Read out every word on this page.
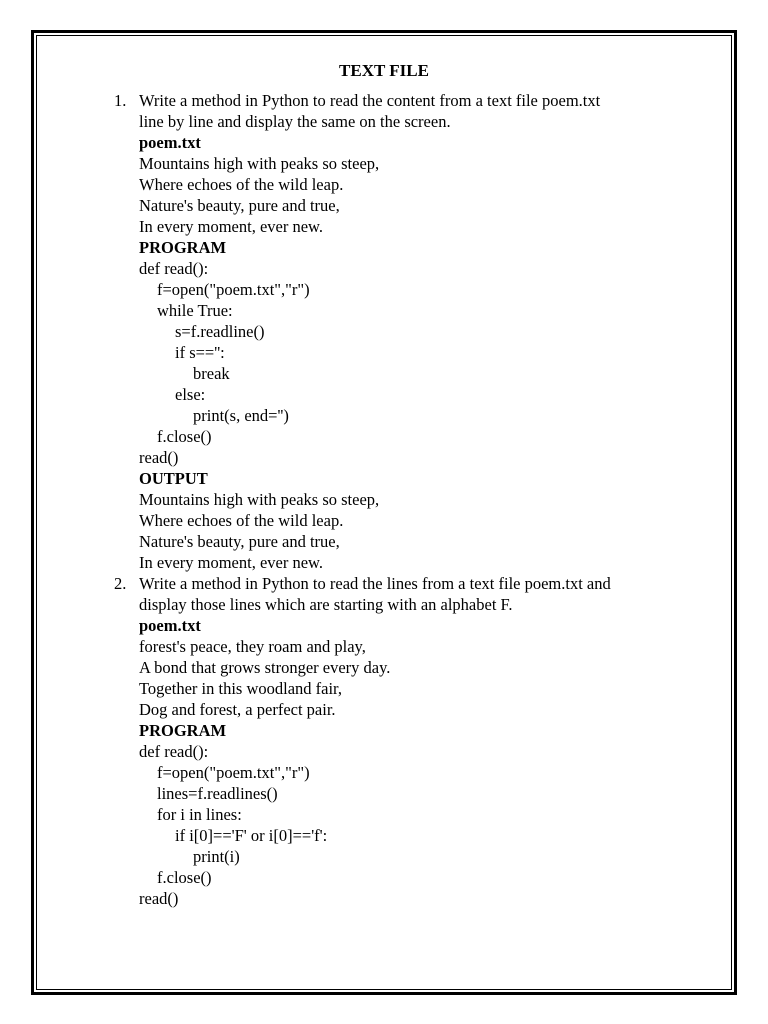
TEXT FILE
1. Write a method in Python to read the content from a text file poem.txt
line by line and display the same on the screen.
poem.txt
Mountains high with peaks so steep,
Where echoes of the wild leap.
Nature's beauty, pure and true,
In every moment, ever new.
PROGRAM
def read():
f=open("poem.txt","r")
while True:
s=f.readline()
if s=='':
break
else:
print(s, end='')
f.close()
read()
OUTPUT
Mountains high with peaks so steep,
Where echoes of the wild leap.
Nature's beauty, pure and true,
In every moment, ever new.
2. Write a method in Python to read the lines from a text file poem.txt and
display those lines which are starting with an alphabet F.
poem.txt
forest's peace, they roam and play,
A bond that grows stronger every day.
Together in this woodland fair,
Dog and forest, a perfect pair.
PROGRAM
def read():
f=open("poem.txt","r")
lines=f.readlines()
for i in lines:
if i[0]=='F' or i[0]=='f':
print(i)
f.close()
read()
